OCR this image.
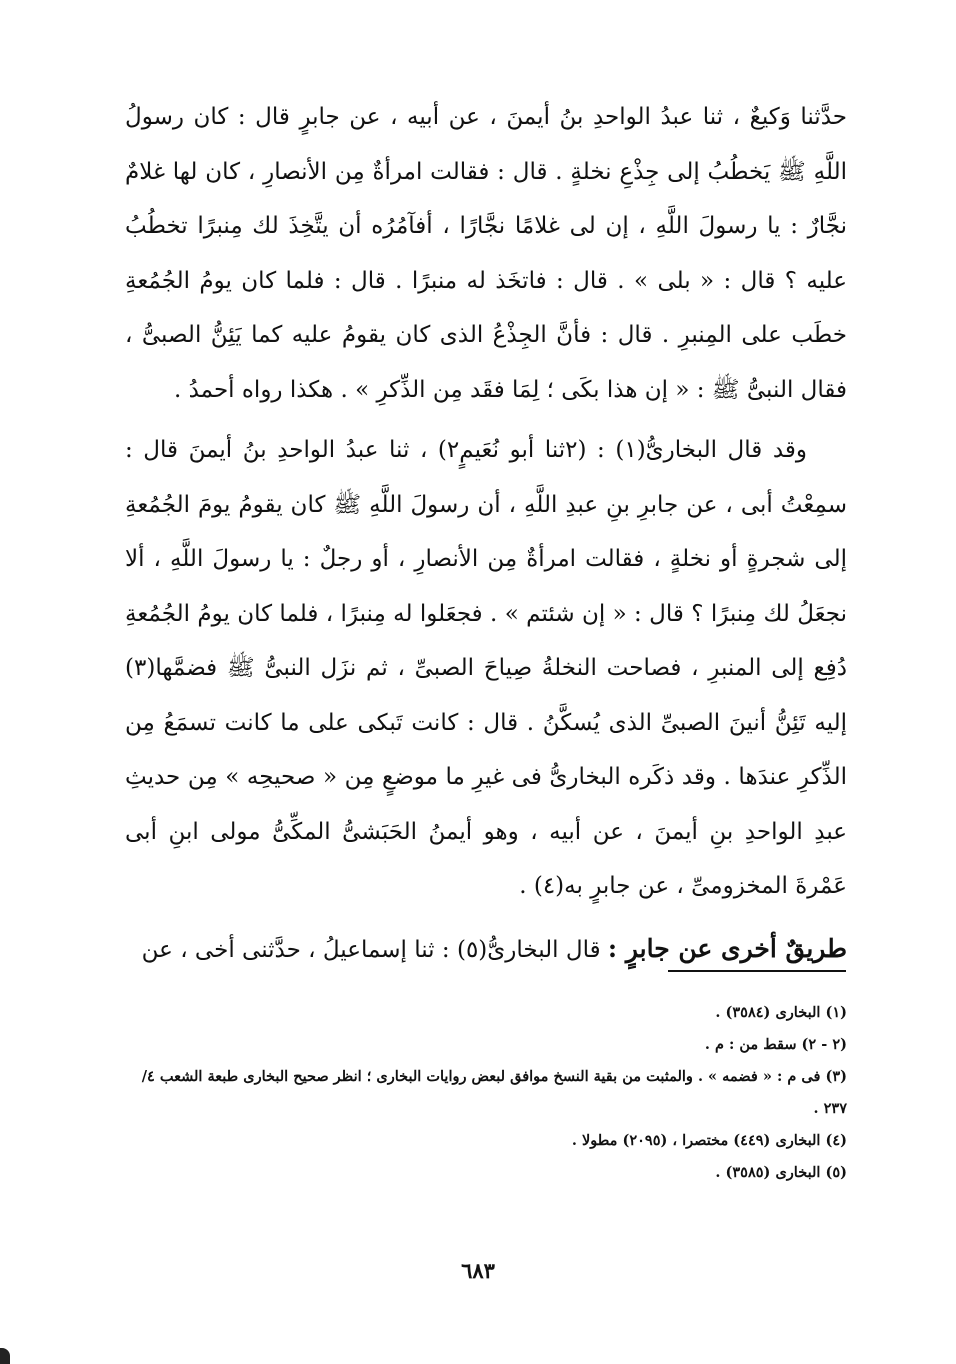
حدَّثنا وَكيعٌ ، ثنا عبدُ الواحدِ بنُ أيمنَ ، عن أبيه ، عن جابرٍ قال : كان رسولُ اللَّهِ ﷺ يَخطُبُ إلى جِذْعِ نخلةٍ . قال : فقالت امرأةٌ مِن الأنصارِ ، كان لها غلامٌ نجَّارٌ : يا رسولَ اللَّهِ ، إن لى غلامًا نجَّارًا ، أفآمُرُه أن يتَّخِذَ لك مِنبرًا تخطُبُ عليه ؟ قال : « بلى » . قال : فاتخَذ له منبرًا . قال : فلما كان يومُ الجُمُعةِ خطَب على المِنبرِ . قال : فأنَّ الجِذْعُ الذى كان يقومُ عليه كما يَئِنُّ الصبىُّ ، فقال النبىُّ ﷺ : « إن هذا بكَى ؛ لِمَا فقَد مِن الذِّكرِ » . هكذا رواه أحمدُ .

وقد قال البخارىُّ(١) : (٢ثنا أبو نُعَيمٍ٢) ، ثنا عبدُ الواحدِ بنُ أيمنَ قال : سمِعْتُ أبى ، عن جابرِ بنِ عبدِ اللَّهِ ، أن رسولَ اللَّهِ ﷺ كان يقومُ يومَ الجُمُعةِ إلى شجرةٍ أو نخلةٍ ، فقالت امرأةٌ مِن الأنصارِ ، أو رجلٌ : يا رسولَ اللَّهِ ، ألا نجعَلُ لك مِنبرًا ؟ قال : « إن شئتم » . فجعَلوا له مِنبرًا ، فلما كان يومُ الجُمُعةِ دُفِع إلى المنبرِ ، فصاحت النخلةُ صِياحَ الصبىِّ ، ثم نزَل النبىُّ ﷺ فضمَّها(٣) إليه تَئِنُّ أنينَ الصبىِّ الذى يُسكَّنُ . قال : كانت تَبكى على ما كانت تسمَعُ مِن الذِّكرِ عندَها . وقد ذكَره البخارىُّ فى غيرِ ما موضعٍ مِن « صحيحِه » مِن حديثِ عبدِ الواحدِ بنِ أيمنَ ، عن أبيه ، وهو أيمنُ الحَبَشىُّ المكِّىُّ مولى ابنِ أبى عَمْرةَ المخزومىِّ ، عن جابرٍ به(٤) .

طريقٌ أخرى عن جابرٍ : قال البخارىُّ(٥) : ثنا إسماعيلُ ، حدَّثنى أخى ، عن

(١) البخارى (٣٥٨٤) .

(٢ - ٢) سقط من : م .

(٣) فى م : « فضمه » . والمثبت من بقية النسخ موافق لبعض روايات البخارى ؛ انظر صحيح البخارى طبعة الشعب ٤/ ٢٣٧ .

(٤) البخارى (٤٤٩) مختصرا ، (٢٠٩٥) مطولا .

(٥) البخارى (٣٥٨٥) .

٦٨٣
